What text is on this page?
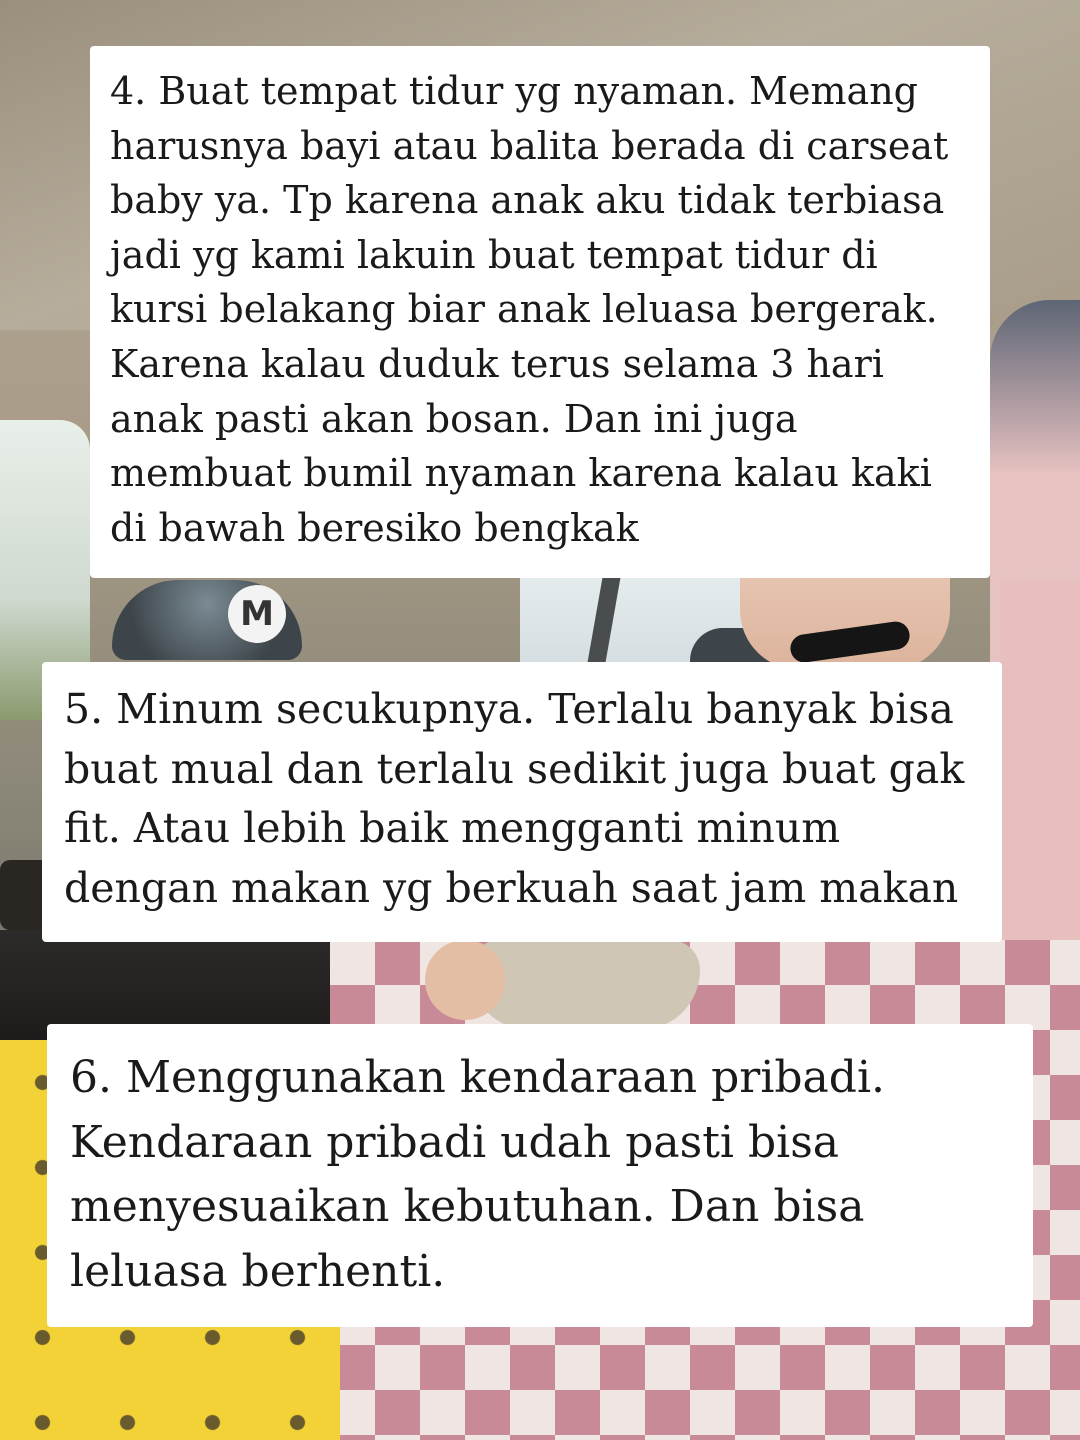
M

4. Buat tempat tidur yg nyaman. Memang harusnya bayi atau balita berada di carseat baby ya. Tp karena anak aku tidak terbiasa jadi yg kami lakuin buat tempat tidur di kursi belakang biar anak leluasa bergerak. Karena kalau duduk terus selama 3 hari anak pasti akan bosan. Dan ini juga membuat bumil nyaman karena kalau kaki di bawah beresiko bengkak

5. Minum secukupnya. Terlalu banyak bisa buat mual dan terlalu sedikit juga buat gak fit. Atau lebih baik mengganti minum dengan makan yg berkuah saat jam makan

6. Menggunakan kendaraan pribadi. Kendaraan pribadi udah pasti bisa menyesuaikan kebutuhan. Dan bisa leluasa berhenti.
